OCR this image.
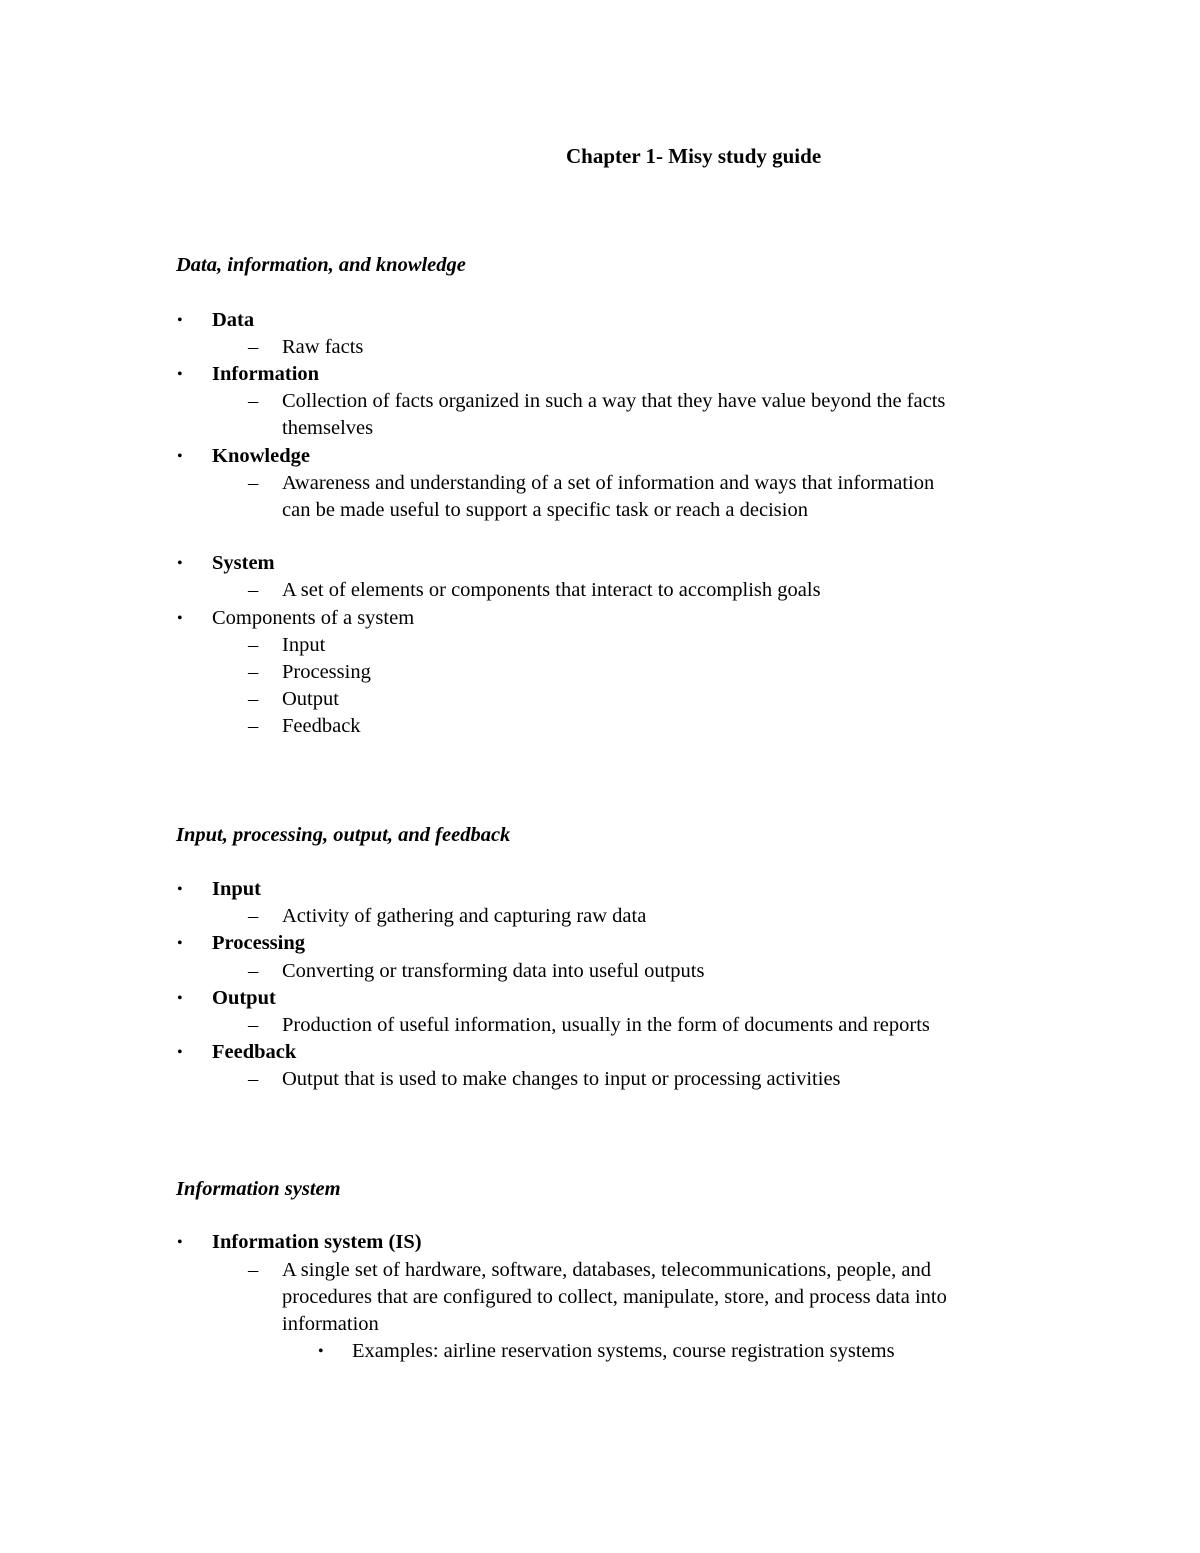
Chapter 1- Misy study guide
Data, information, and knowledge
• Data
– Raw facts
• Information
– Collection of facts organized in such a way that they have value beyond the facts
themselves
• Knowledge
– Awareness and understanding of a set of information and ways that information
can be made useful to support a specific task or reach a decision
• System
– A set of elements or components that interact to accomplish goals
• Components of a system
– Input
– Processing
– Output
– Feedback
Input, processing, output, and feedback
• Input
– Activity of gathering and capturing raw data
• Processing
– Converting or transforming data into useful outputs
• Output
– Production of useful information, usually in the form of documents and reports
• Feedback
– Output that is used to make changes to input or processing activities
Information system
• Information system (IS)
– A single set of hardware, software, databases, telecommunications, people, and
procedures that are configured to collect, manipulate, store, and process data into
information
• Examples: airline reservation systems, course registration systems
